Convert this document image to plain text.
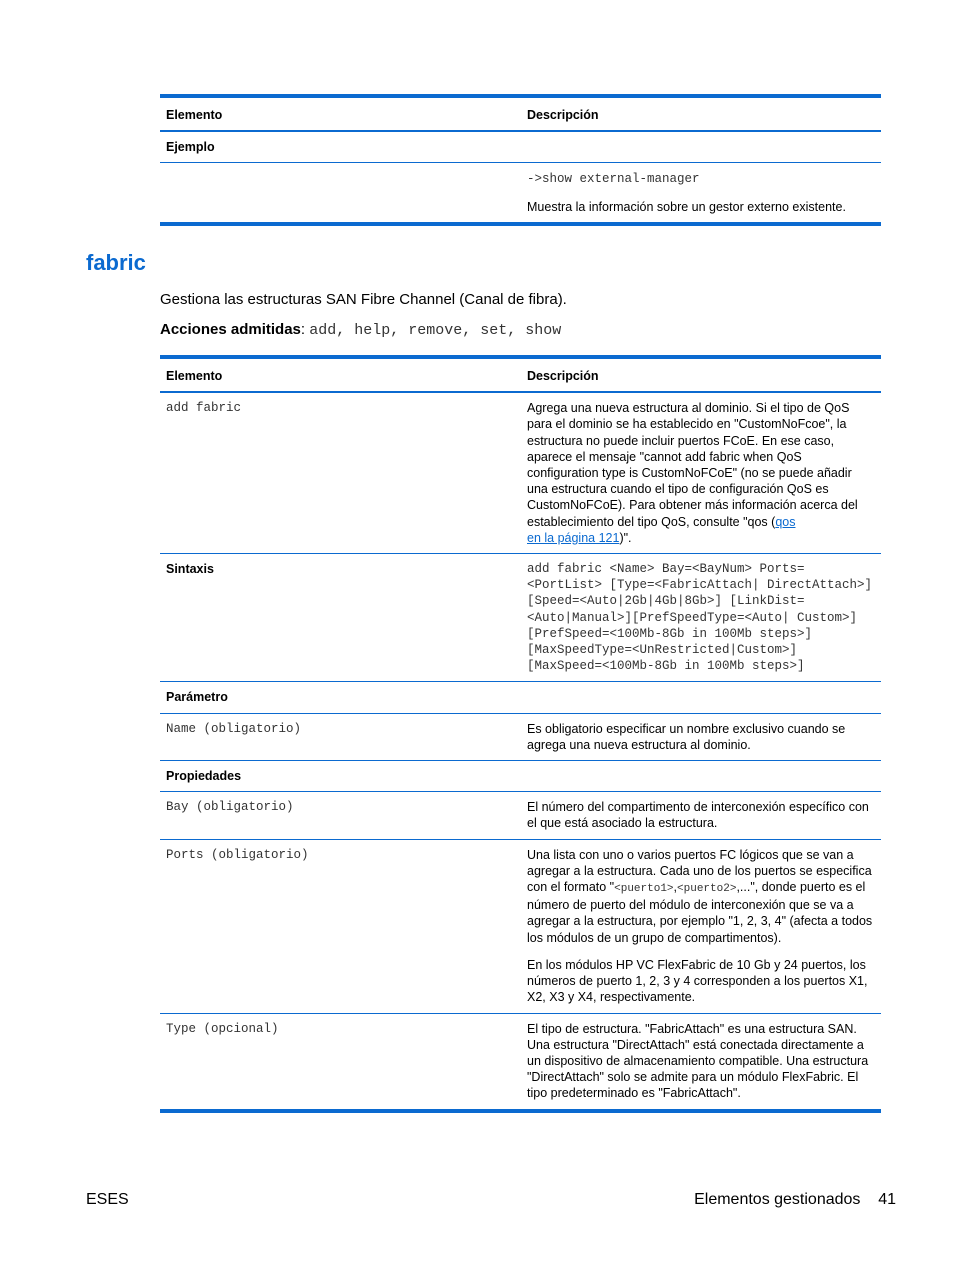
Elemento	Descripción
Ejemplo	
	->show external-manager
Muestra la información sobre un gestor externo existente.
fabric

Gestiona las estructuras SAN Fibre Channel (Canal de fibra).

Acciones admitidas: add, help, remove, set, show

Elemento	Descripción
add fabric	Agrega una nueva estructura al dominio. Si el tipo de QoS para el dominio se ha establecido en "CustomNoFcoe", la estructura no puede incluir puertos FCoE. En ese caso, aparece el mensaje "cannot add fabric when QoS configuration type is CustomNoFCoE" (no se puede añadir una estructura cuando el tipo de configuración QoS es CustomNoFCoE). Para obtener más información acerca del establecimiento del tipo QoS, consulte "qos (qos
en la página 121)".
Sintaxis	add fabric <Name> Bay=<BayNum> Ports=<PortList> [Type=<FabricAttach| DirectAttach>] [Speed=<Auto|2Gb|4Gb|8Gb>] [LinkDist=<Auto|Manual>][PrefSpeedType=<Auto| Custom>] [PrefSpeed=<100Mb-8Gb in 100Mb steps>][MaxSpeedType=<UnRestricted|Custom>] [MaxSpeed=<100Mb-8Gb in 100Mb steps>]
Parámetro	
Name (obligatorio)	Es obligatorio especificar un nombre exclusivo cuando se agrega una nueva estructura al dominio.
Propiedades	
Bay (obligatorio)	El número del compartimento de interconexión específico con el que está asociado la estructura.
Ports (obligatorio)	Una lista con uno o varios puertos FC lógicos que se van a agregar a la estructura. Cada uno de los puertos se especifica con el formato "<puerto1>,<puerto2>,...", donde puerto es el número de puerto del módulo de interconexión que se va a agregar a la estructura, por ejemplo "1, 2, 3, 4" (afecta a todos los módulos de un grupo de compartimentos).
En los módulos HP VC FlexFabric de 10 Gb y 24 puertos, los números de puerto 1, 2, 3 y 4 corresponden a los puertos X1, X2, X3 y X4, respectivamente.

Type (opcional)	El tipo de estructura. "FabricAttach" es una estructura SAN. Una estructura "DirectAttach" está conectada directamente a un dispositivo de almacenamiento compatible. Una estructura "DirectAttach" solo se admite para un módulo FlexFabric. El tipo predeterminado es "FabricAttach".
ESES	Elementos gestionados 41
